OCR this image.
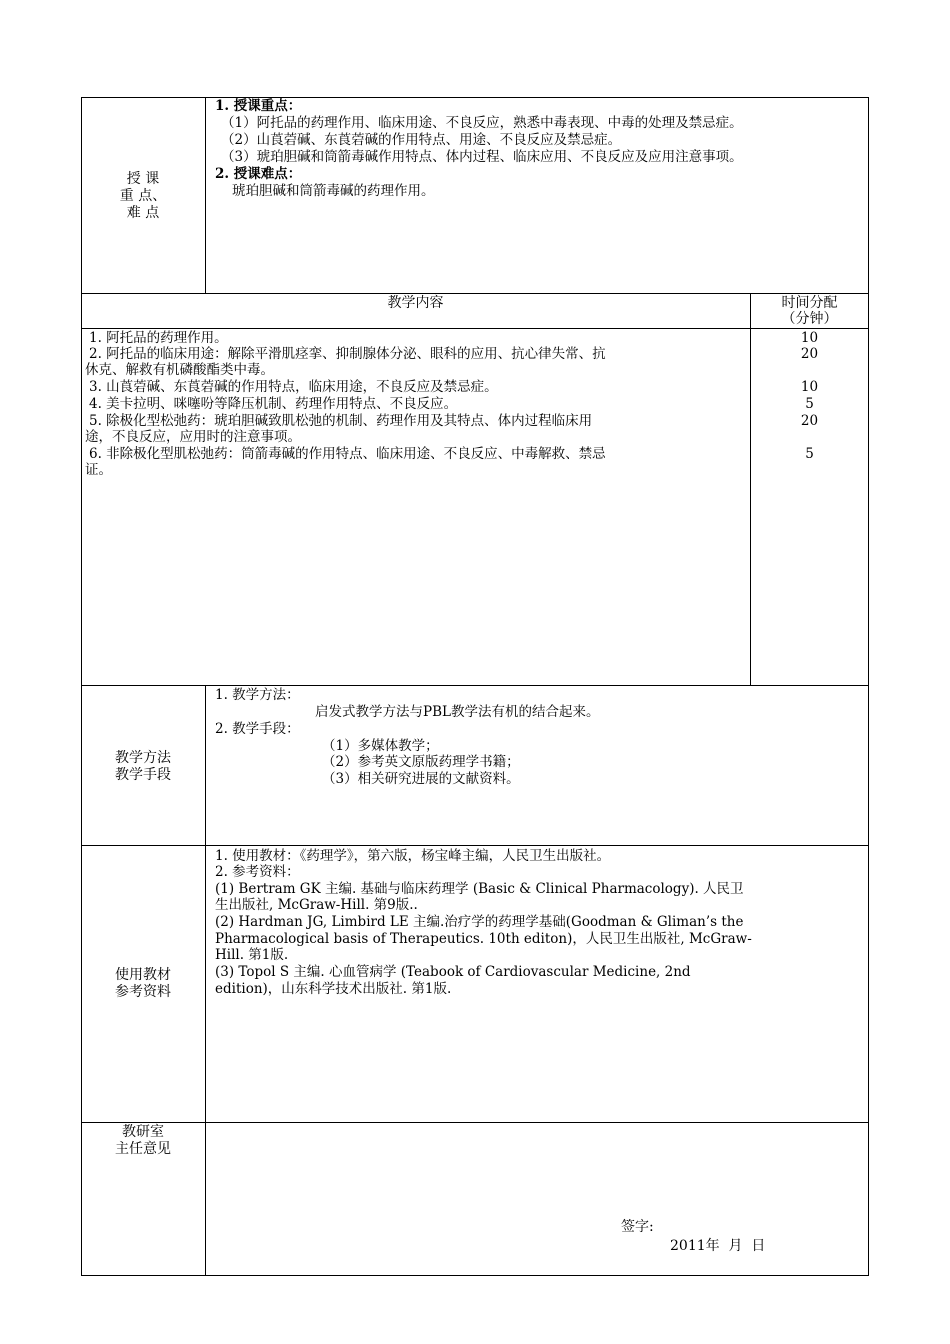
授 课
重 点、
难 点
1. 授课重点：
（1）阿托品的药理作用、临床用途、不良反应，熟悉中毒表现、中毒的处理及禁忌症。
（2）山莨菪碱、东莨菪碱的作用特点、用途、不良反应及禁忌症。
（3）琥珀胆碱和筒箭毒碱作用特点、体内过程、临床应用、不良反应及应用注意事项。
2. 授课难点：
琥珀胆碱和筒箭毒碱的药理作用。
教学内容	时间分配
（分钟）
1. 阿托品的药理作用。
2. 阿托品的临床用途：解除平滑肌痉挛、抑制腺体分泌、眼科的应用、抗心律失常、抗
休克、解救有机磷酸酯类中毒。
3. 山莨菪碱、东莨菪碱的作用特点，临床用途，不良反应及禁忌症。
4. 美卡拉明、咪噻吩等降压机制、药理作用特点、不良反应。
5. 除极化型松弛药：琥珀胆碱致肌松弛的机制、药理作用及其特点、体内过程临床用
途，不良反应，应用时的注意事项。
6. 非除极化型肌松弛药：筒箭毒碱的作用特点、临床用途、不良反应、中毒解救、禁忌
证。
10
20
10
5
20
5
教学方法
教学手段
1. 教学方法：
启发式教学方法与PBL教学法有机的结合起来。
2. 教学手段：
（1）多媒体教学；
（2）参考英文原版药理学书籍；
（3）相关研究进展的文献资料。
使用教材
参考资料
1. 使用教材：《药理学》，第六版，杨宝峰主编，人民卫生出版社。
2. 参考资料：
(1) Bertram GK 主编. 基础与临床药理学 (Basic & Clinical Pharmacology). 人民卫
生出版社, McGraw-Hill. 第9版..
(2) Hardman JG, Limbird LE 主编.治疗学的药理学基础(Goodman & Gliman’s the
Pharmacological basis of Therapeutics. 10th editon)，人民卫生出版社, McGraw-
Hill. 第1版.
(3) Topol S 主编. 心血管病学 (Teabook of Cardiovascular Medicine, 2nd
edition)，山东科学技术出版社. 第1版.
教研室
主任意见
签字:
2011年  月  日
